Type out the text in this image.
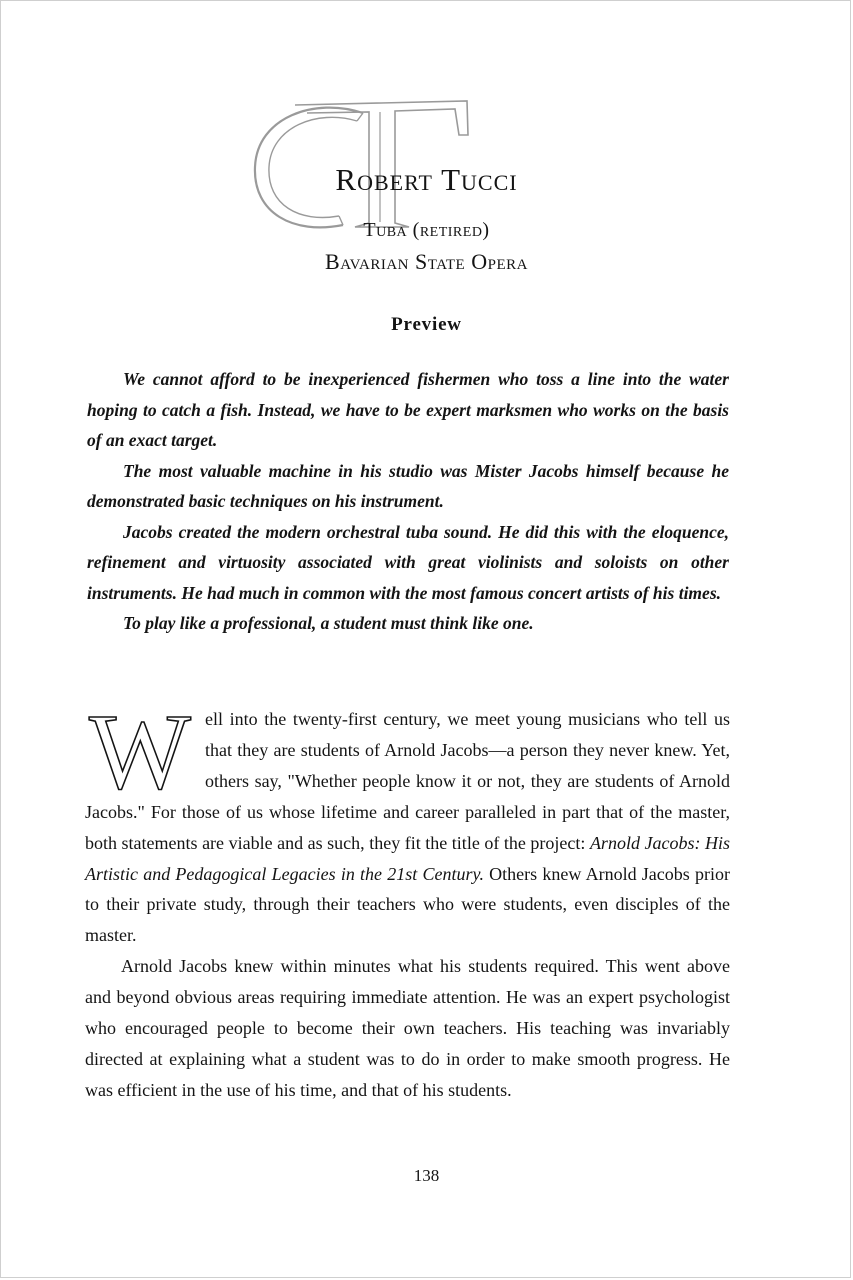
Robert Tucci
Tuba (retired)
Bavarian State Opera
Preview

We cannot afford to be inexperienced fishermen who toss a line into the water hoping to catch a fish. Instead, we have to be expert marksmen who works on the basis of an exact target.

The most valuable machine in his studio was Mister Jacobs himself because he demonstrated basic techniques on his instrument.

Jacobs created the modern orchestral tuba sound. He did this with the eloquence, refinement and virtuosity associated with great violinists and soloists on other instruments. He had much in common with the most famous concert artists of his times.

To play like a professional, a student must think like one.

W ell into the twenty-first century, we meet young musicians who tell us that they are students of Arnold Jacobs—a person they never knew. Yet, others say, "Whether people know it or not, they are students of Arnold Jacobs." For those of us whose lifetime and career paralleled in part that of the master, both statements are viable and as such, they fit the title of the project: Arnold Jacobs: His Artistic and Pedagogical Legacies in the 21st Century. Others knew Arnold Jacobs prior to their private study, through their teachers who were students, even disciples of the master.

Arnold Jacobs knew within minutes what his students required. This went above and beyond obvious areas requiring immediate attention. He was an expert psychologist who encouraged people to become their own teachers. His teaching was invariably directed at explaining what a student was to do in order to make smooth progress. He was efficient in the use of his time, and that of his students.

138
